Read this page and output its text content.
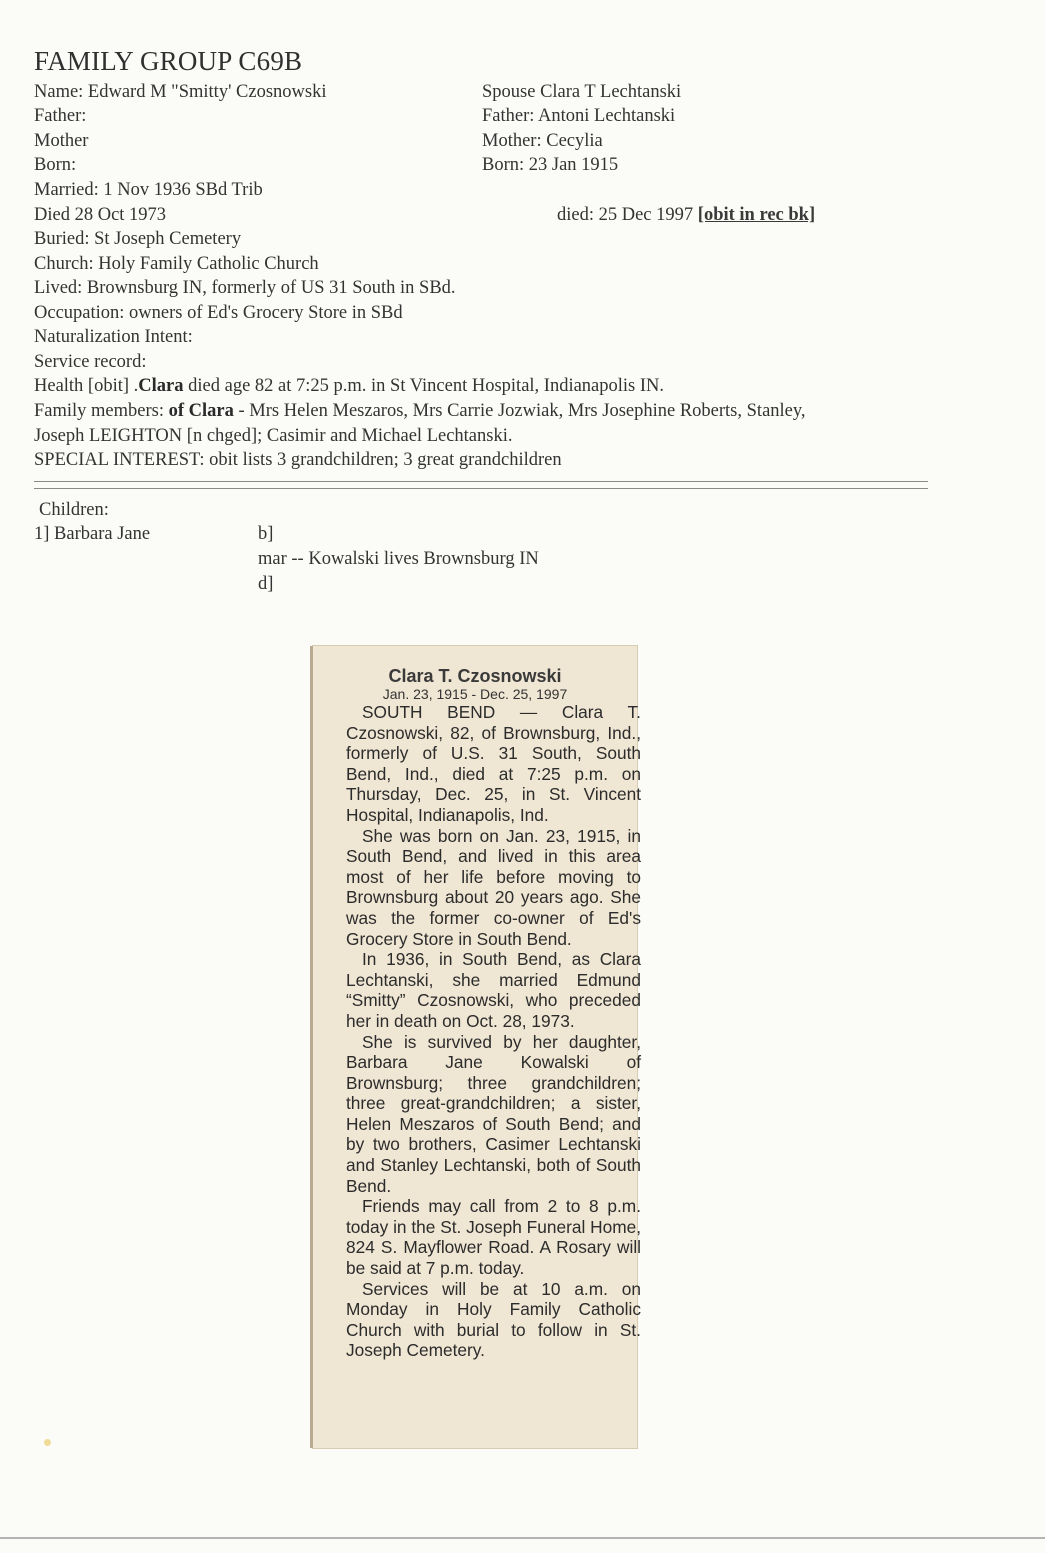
FAMILY GROUP C69B
Name: Edward M "Smitty' Czosnowski
Father:
Mother
Born:
Married: 1 Nov 1936 SBd Trib
Died 28 Oct 1973
Buried: St Joseph Cemetery
Church: Holy Family Catholic Church
Lived: Brownsburg IN, formerly of US 31 South in SBd.
Occupation: owners of Ed's Grocery Store in SBd
Naturalization Intent:
Service record:
Spouse Clara T Lechtanski
Father: Antoni Lechtanski
Mother: Cecylia
Born: 23 Jan 1915
died: 25 Dec 1997 [obit in rec bk]
Health [obit] .Clara died age 82 at 7:25 p.m. in St Vincent Hospital, Indianapolis IN.
Family members: of Clara - Mrs Helen Meszaros, Mrs Carrie Jozwiak, Mrs Josephine Roberts, Stanley,
Joseph LEIGHTON [n chged]; Casimir and Michael Lechtanski.
SPECIAL INTEREST: obit lists 3 grandchildren; 3 great grandchildren
Children:
1] Barbara Jane	b]
mar -- Kowalski lives Brownsburg IN
d]
Clara T. Czosnowski
Jan. 23, 1915 - Dec. 25, 1997

SOUTH BEND — Clara T. Czosnowski, 82, of Brownsburg, Ind., formerly of U.S. 31 South, South Bend, Ind., died at 7:25 p.m. on Thursday, Dec. 25, in St. Vincent Hospital, Indianapolis, Ind.

She was born on Jan. 23, 1915, in South Bend, and lived in this area most of her life before moving to Brownsburg about 20 years ago. She was the former co-owner of Ed's Grocery Store in South Bend.

In 1936, in South Bend, as Clara Lechtanski, she married Edmund “Smitty” Czosnowski, who preceded her in death on Oct. 28, 1973.

She is survived by her daughter, Barbara Jane Kowalski of Brownsburg; three grandchildren; three great-grandchildren; a sister, Helen Meszaros of South Bend; and by two brothers, Casimer Lechtanski and Stanley Lechtanski, both of South Bend.

Friends may call from 2 to 8 p.m. today in the St. Joseph Funeral Home, 824 S. Mayflower Road. A Rosary will be said at 7 p.m. today.

Services will be at 10 a.m. on Monday in Holy Family Catholic Church with burial to follow in St. Joseph Cemetery.
